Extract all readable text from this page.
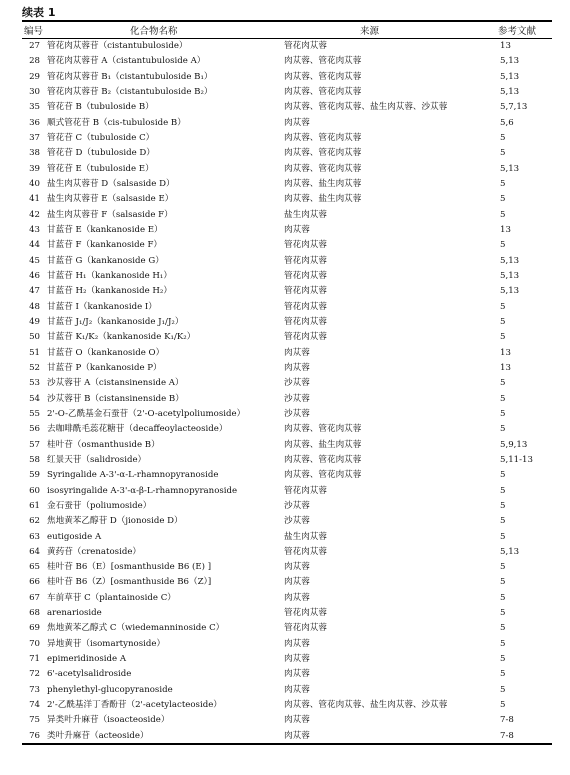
续表 1
编号	化合物名称	来源	参考文献
27 管花肉苁蓉苷（cistantubuloside）	管花肉苁蓉	13
28 管花肉苁蓉苷 A（cistantubuloside A）	肉苁蓉、管花肉苁蓉	5,13
29 管花肉苁蓉苷 B₁（cistantubuloside B₁）	肉苁蓉、管花肉苁蓉	5,13
30 管花肉苁蓉苷 B₂（cistantubuloside B₂）	肉苁蓉、管花肉苁蓉	5,13
35 管花苷 B（tubuloside B）	肉苁蓉、管花肉苁蓉、盐生肉苁蓉、沙苁蓉	5,7,13
36 顺式管花苷 B（cis-tubuloside B）	肉苁蓉	5,6
37 管花苷 C（tubuloside C）	肉苁蓉、管花肉苁蓉	5
38 管花苷 D（tubuloside D）	肉苁蓉、管花肉苁蓉	5
39 管花苷 E（tubuloside E）	肉苁蓉、管花肉苁蓉	5,13
40 盐生肉苁蓉苷 D（salsaside D）	肉苁蓉、盐生肉苁蓉	5
41 盐生肉苁蓉苷 E（salsaside E）	肉苁蓉、盐生肉苁蓉	5
42 盐生肉苁蓉苷 F（salsaside F）	盐生肉苁蓉	5
43 甘蓝苷 E（kankanoside E）	肉苁蓉	13
44 甘蓝苷 F（kankanoside F）	管花肉苁蓉	5
45 甘蓝苷 G（kankanoside G）	管花肉苁蓉	5,13
46 甘蓝苷 H₁（kankanoside H₁）	管花肉苁蓉	5,13
47 甘蓝苷 H₂（kankanoside H₂）	管花肉苁蓉	5,13
48 甘蓝苷 I（kankanoside I）	管花肉苁蓉	5
49 甘蓝苷 J₁/J₂（kankanoside J₁/J₂）	管花肉苁蓉	5
50 甘蓝苷 K₁/K₂（kankanoside K₁/K₂）	管花肉苁蓉	5
51 甘蓝苷 O（kankanoside O）	肉苁蓉	13
52 甘蓝苷 P（kankanoside P）	肉苁蓉	13
53 沙苁蓉苷 A（cistansinenside A）	沙苁蓉	5
54 沙苁蓉苷 B（cistansinenside B）	沙苁蓉	5
55 2'-O-乙酰基金石蚕苷（2'-O-acetylpoliumoside）	沙苁蓉	5
56 去咖啡酰毛蕊花糖苷（decaffeoylacteoside）	肉苁蓉、管花肉苁蓉	5
57 桂叶苷（osmanthuside B）	肉苁蓉、盐生肉苁蓉	5,9,13
58 红景天苷（salidroside）	肉苁蓉、管花肉苁蓉	5,11-13
59 Syringalide A-3'-α-L-rhamnopyranoside	肉苁蓉、管花肉苁蓉	5
60 isosyringalide A-3'-α-β-L-rhamnopyranoside	管花肉苁蓉	5
61 金石蚕苷（poliumoside）	沙苁蓉	5
62 焦地黄苯乙醇苷 D（jionoside D）	沙苁蓉	5
63 eutigoside A	盐生肉苁蓉	5
64 黄药苷（crenatoside）	管花肉苁蓉	5,13
65 桂叶苷 B6（E）[osmanthuside B6 (E) ]	肉苁蓉	5
66 桂叶苷 B6（Z）[osmanthuside B6（Z）]	肉苁蓉	5
67 车前草苷 C（plantainoside C）	肉苁蓉	5
68 arenarioside	管花肉苁蓉	5
69 焦地黄苯乙醇式 C（wiedemanninoside C）	管花肉苁蓉	5
70 异地黄苷（isomartynoside）	肉苁蓉	5
71 epimeridinoside A	肉苁蓉	5
72 6'-acetylsalidroside	肉苁蓉	5
73 phenylethyl-glucopyranoside	肉苁蓉	5
74 2'-乙酰基洋丁香酚苷（2'-acetylacteoside）	肉苁蓉、管花肉苁蓉、盐生肉苁蓉、沙苁蓉	5
75 异类叶升麻苷（isoacteoside）	肉苁蓉	7-8
76 类叶升麻苷（acteoside）	肉苁蓉	7-8
